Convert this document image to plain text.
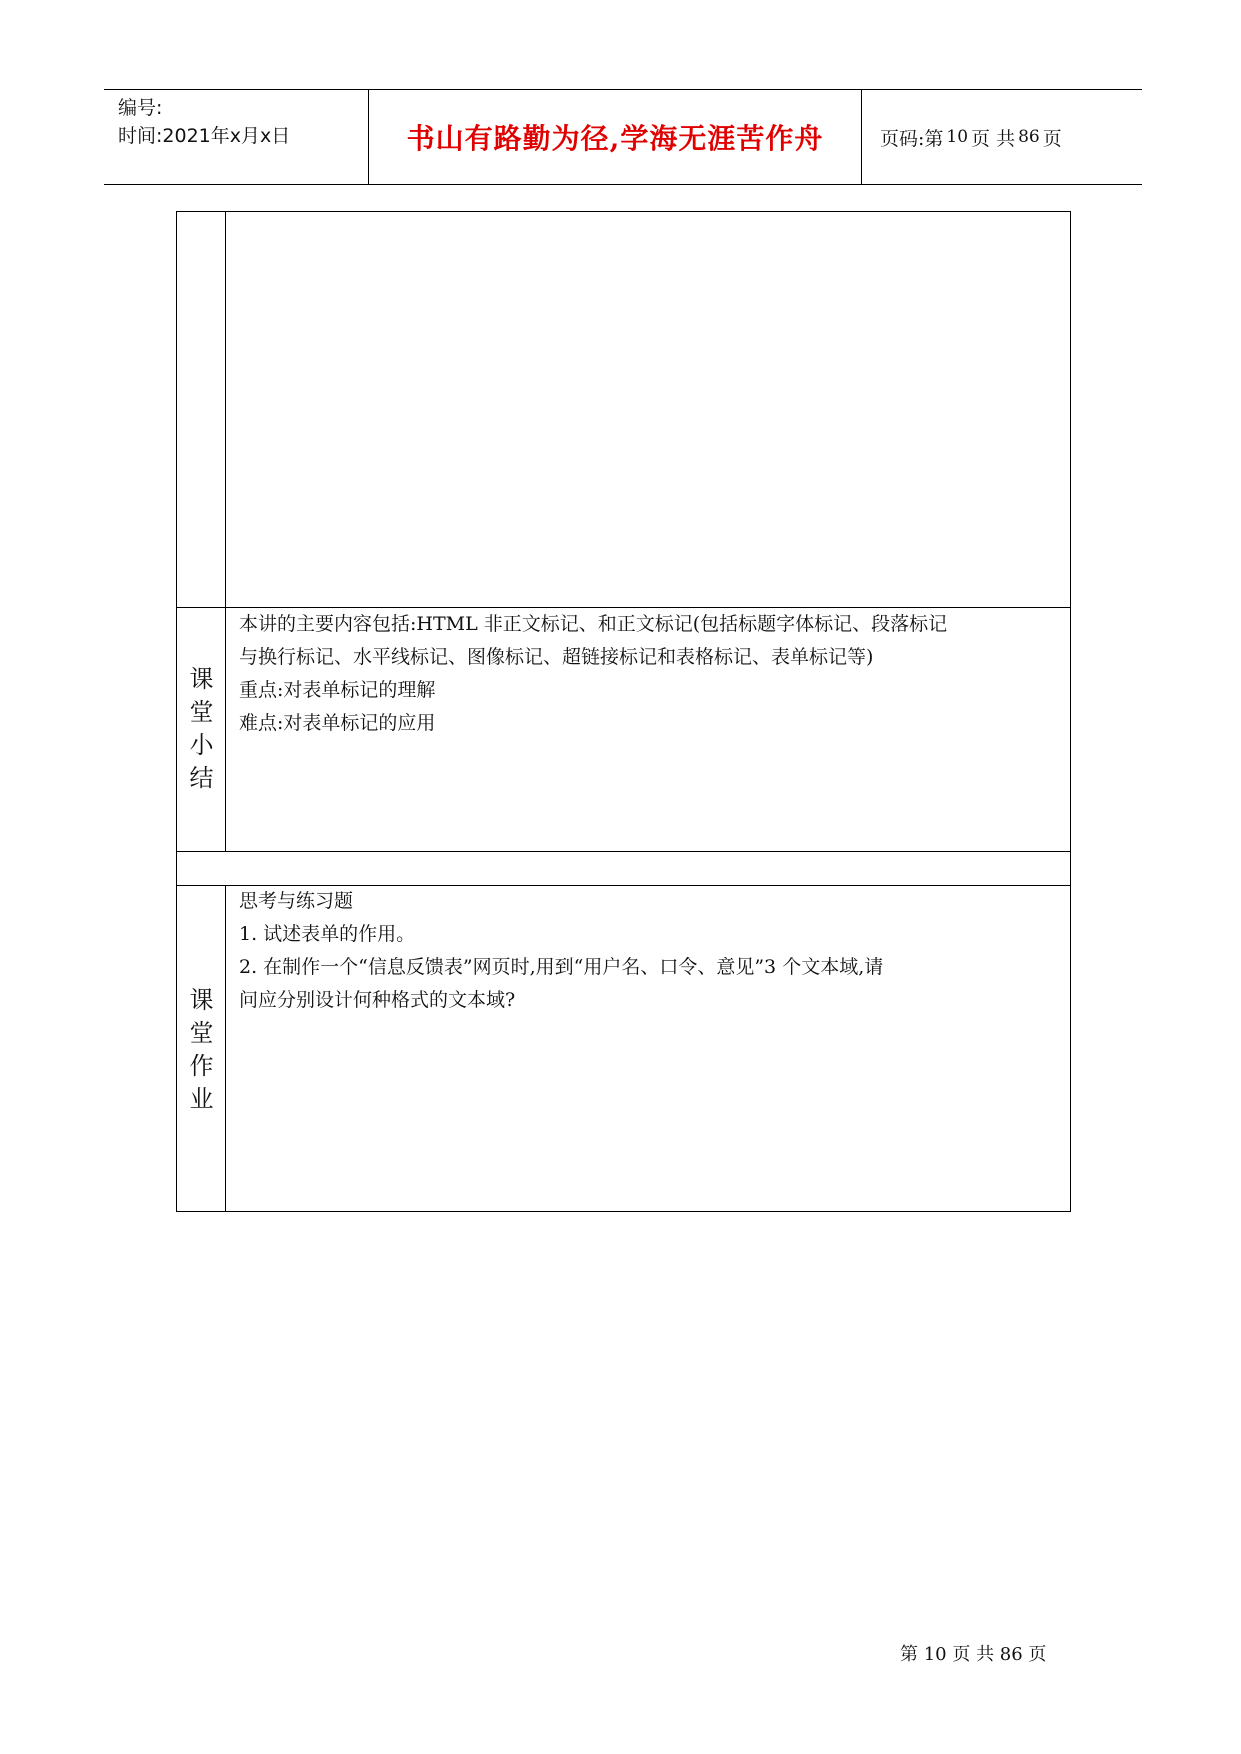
编号:
时间:2021年x月x日	书山有路勤为径,学海无涯苦作舟	页码:第 10 页 共 86 页
课
堂
小
结

本讲的主要内容包括:HTML 非正文标记、和正文标记(包括标题字体标记、段落标记

与换行标记、水平线标记、图像标记、超链接标记和表格标记、表单标记等)

重点:对表单标记的理解

难点:对表单标记的应用

课
堂
作
业

思考与练习题

1. 试述表单的作用。

2. 在制作一个“信息反馈表”网页时,用到“用户名、口令、意见”3 个文本域,请

问应分别设计何种格式的文本域?

第 10 页 共 86 页
